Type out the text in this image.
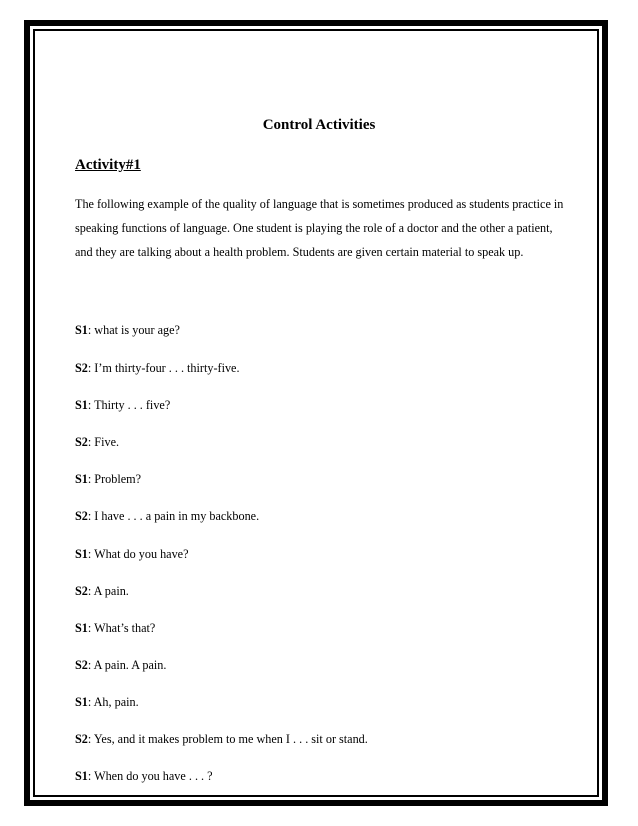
Control Activities
Activity#1

The following example of the quality of language that is sometimes produced as students practice in speaking functions of language. One student is playing the role of a doctor and the other a patient, and they are talking about a health problem. Students are given certain material to speak up.

S1: what is your age?
S2: I’m thirty-four . . . thirty-five.
S1: Thirty . . . five?
S2: Five.
S1: Problem?
S2: I have . . . a pain in my backbone.
S1: What do you have?
S2: A pain.
S1: What’s that?
S2: A pain. A pain.
S1: Ah, pain.
S2: Yes, and it makes problem to me when I . . . sit or stand.
S1: When do you have . . . ?
